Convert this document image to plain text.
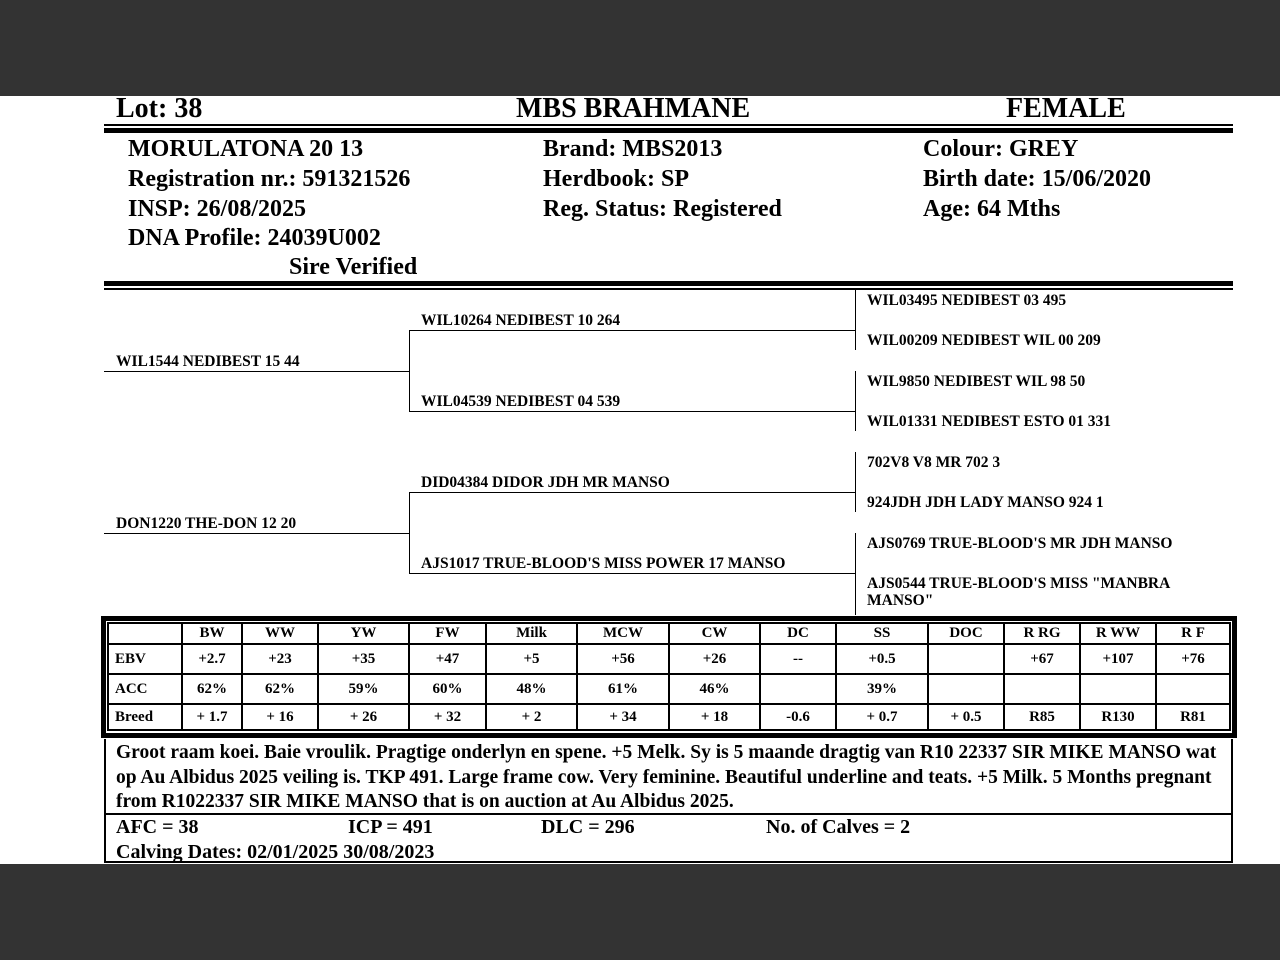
Lot: 38	MBS BRAHMANE	FEMALE
MORULATONA 20 13
Registration nr.: 591321526
INSP: 26/08/2025
DNA Profile: 24039U002
Sire Verified
Brand: MBS2013
Herdbook: SP
Reg. Status: Registered
Colour: GREY
Birth date: 15/06/2020
Age: 64 Mths
WIL1544 NEDIBEST 15 44
DON1220 THE-DON 12 20
WIL10264 NEDIBEST 10 264
WIL04539 NEDIBEST 04 539
DID04384 DIDOR JDH MR MANSO
AJS1017 TRUE-BLOOD'S MISS POWER 17 MANSO
WIL03495 NEDIBEST 03 495
WIL00209 NEDIBEST WIL 00 209
WIL9850 NEDIBEST WIL 98 50
WIL01331 NEDIBEST ESTO 01 331
702V8 V8 MR 702 3
924JDH JDH LADY MANSO 924 1
AJS0769 TRUE-BLOOD'S MR JDH MANSO
AJS0544 TRUE-BLOOD'S MISS "MANBRA MANSO"
	BW	WW	YW	FW	Milk	MCW	CW	DC	SS	DOC	R RG	R WW	R F
EBV	+2.7	+23	+35	+47	+5	+56	+26	--	+0.5		+67	+107	+76
ACC	62%	62%	59%	60%	48%	61%	46%		39%				
Breed	+ 1.7	+ 16	+ 26	+ 32	+ 2	+ 34	+ 18	-0.6	+ 0.7	+ 0.5	R85	R130	R81
Groot raam koei. Baie vroulik. Pragtige onderlyn en spene. +5 Melk. Sy is 5 maande dragtig van R10 22337 SIR MIKE MANSO wat op Au Albidus 2025 veiling is. TKP 491. Large frame cow. Very feminine. Beautiful underline and teats. +5 Milk. 5 Months pregnant from R1022337 SIR MIKE MANSO that is on auction at Au Albidus 2025.
AFC = 38	ICP = 491	DLC = 296	No. of Calves = 2
Calving Dates: 02/01/2025 30/08/2023
